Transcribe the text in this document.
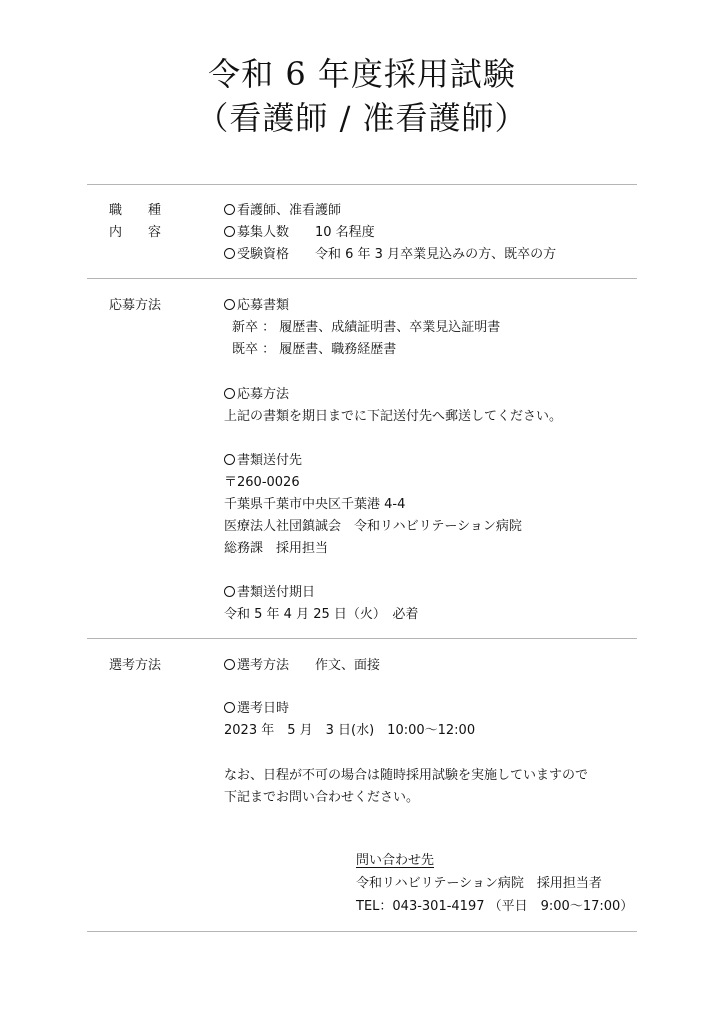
令和 6 年度採用試験
（看護師 / 准看護師）
職　　種
内　　容
看護師、准看護師
募集人数　　10 名程度
受験資格　　令和 6 年 3 月卒業見込みの方、既卒の方
応募方法	応募書類
新卒 ： 履歴書、成績証明書、卒業見込証明書
既卒 ： 履歴書、職務経歴書
応募方法
上記の書類を期日までに下記送付先へ郵送してください。
書類送付先
〒260-0026
千葉県千葉市中央区千葉港 4-4
医療法人社団鎮誠会　令和リハビリテーション病院
総務課　採用担当
書類送付期日
令和 5 年 4 月 25 日（火）　必着
選考方法	選考方法　　作文、面接
選考日時
2023 年　5 月　3 日(水)　10:00～12:00
なお、日程が不可の場合は随時採用試験を実施していますので
下記までお問い合わせください。
問い合わせ先
令和リハビリテーション病院　採用担当者
TEL：043-301-4197 （平日　9:00～17:00）
